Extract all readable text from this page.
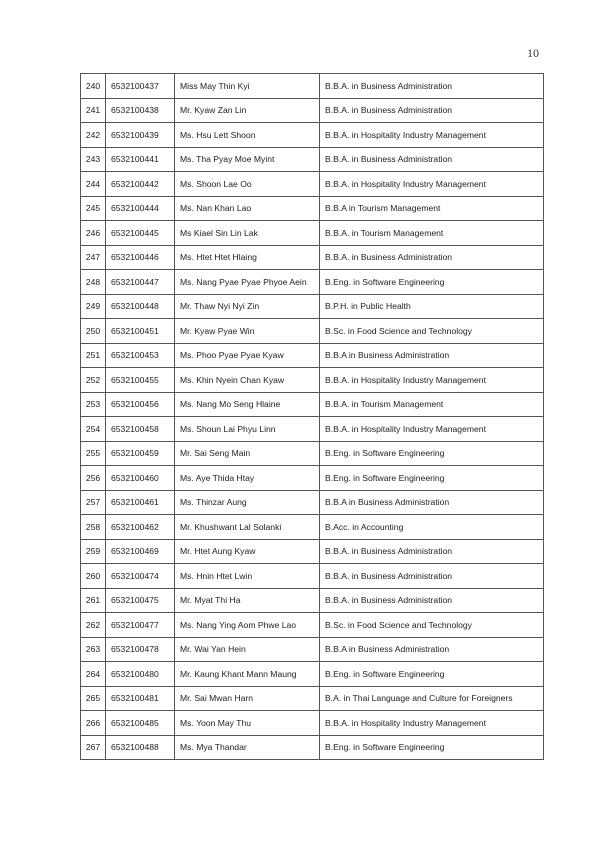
10
240	6532100437	Miss May Thin Kyi	B.B.A. in Business Administration
241	6532100438	Mr. Kyaw Zan Lin	B.B.A. in Business Administration
242	6532100439	Ms. Hsu Lett Shoon	B.B.A. in Hospitality Industry Management
243	6532100441	Ms. Tha Pyay Moe Myint	B.B.A. in Business Administration
244	6532100442	Ms. Shoon Lae Oo	B.B.A. in Hospitality Industry Management
245	6532100444	Ms. Nan Khan Lao	B.B.A in Tourism Management
246	6532100445	Ms Kiael Sin Lin Lak	B.B.A. in Tourism Management
247	6532100446	Ms. Htet Htet Hlaing	B.B.A. in Business Administration
248	6532100447	Ms. Nang Pyae Pyae Phyoe Aein	B.Eng. in Software Engineering
249	6532100448	Mr. Thaw Nyi Nyi Zin	B.P.H. in Public Health
250	6532100451	Mr. Kyaw Pyae Win	B.Sc. in Food Science and Technology
251	6532100453	Ms. Phoo Pyae Pyae Kyaw	B.B.A in Business Administration
252	6532100455	Ms. Khin Nyein Chan Kyaw	B.B.A. in Hospitality Industry Management
253	6532100456	Ms. Nang Mo Seng Hlaine	B.B.A. in Tourism Management
254	6532100458	Ms. Shoun Lai Phyu Linn	B.B.A. in Hospitality Industry Management
255	6532100459	Mr. Sai Seng Main	B.Eng. in Software Engineering
256	6532100460	Ms. Aye Thida Htay	B.Eng. in Software Engineering
257	6532100461	Ms. Thinzar Aung	B.B.A in Business Administration
258	6532100462	Mr. Khushwant Lal Solanki	B.Acc. in Accounting
259	6532100469	Mr. Htet Aung Kyaw	B.B.A. in Business Administration
260	6532100474	Ms. Hnin Htet Lwin	B.B.A. in Business Administration
261	6532100475	Mr. Myat Thi Ha	B.B.A. in Business Administration
262	6532100477	Ms. Nang Ying Aom Phwe Lao	B.Sc. in Food Science and Technology
263	6532100478	Mr. Wai Yan Hein	B.B.A in Business Administration
264	6532100480	Mr. Kaung Khant Mann Maung	B.Eng. in Software Engineering
265	6532100481	Mr. Sai Mwan Harn	B.A. in Thai Language and Culture for Foreigners
266	6532100485	Ms. Yoon May Thu	B.B.A. in Hospitality Industry Management
267	6532100488	Ms. Mya Thandar	B.Eng. in Software Engineering
